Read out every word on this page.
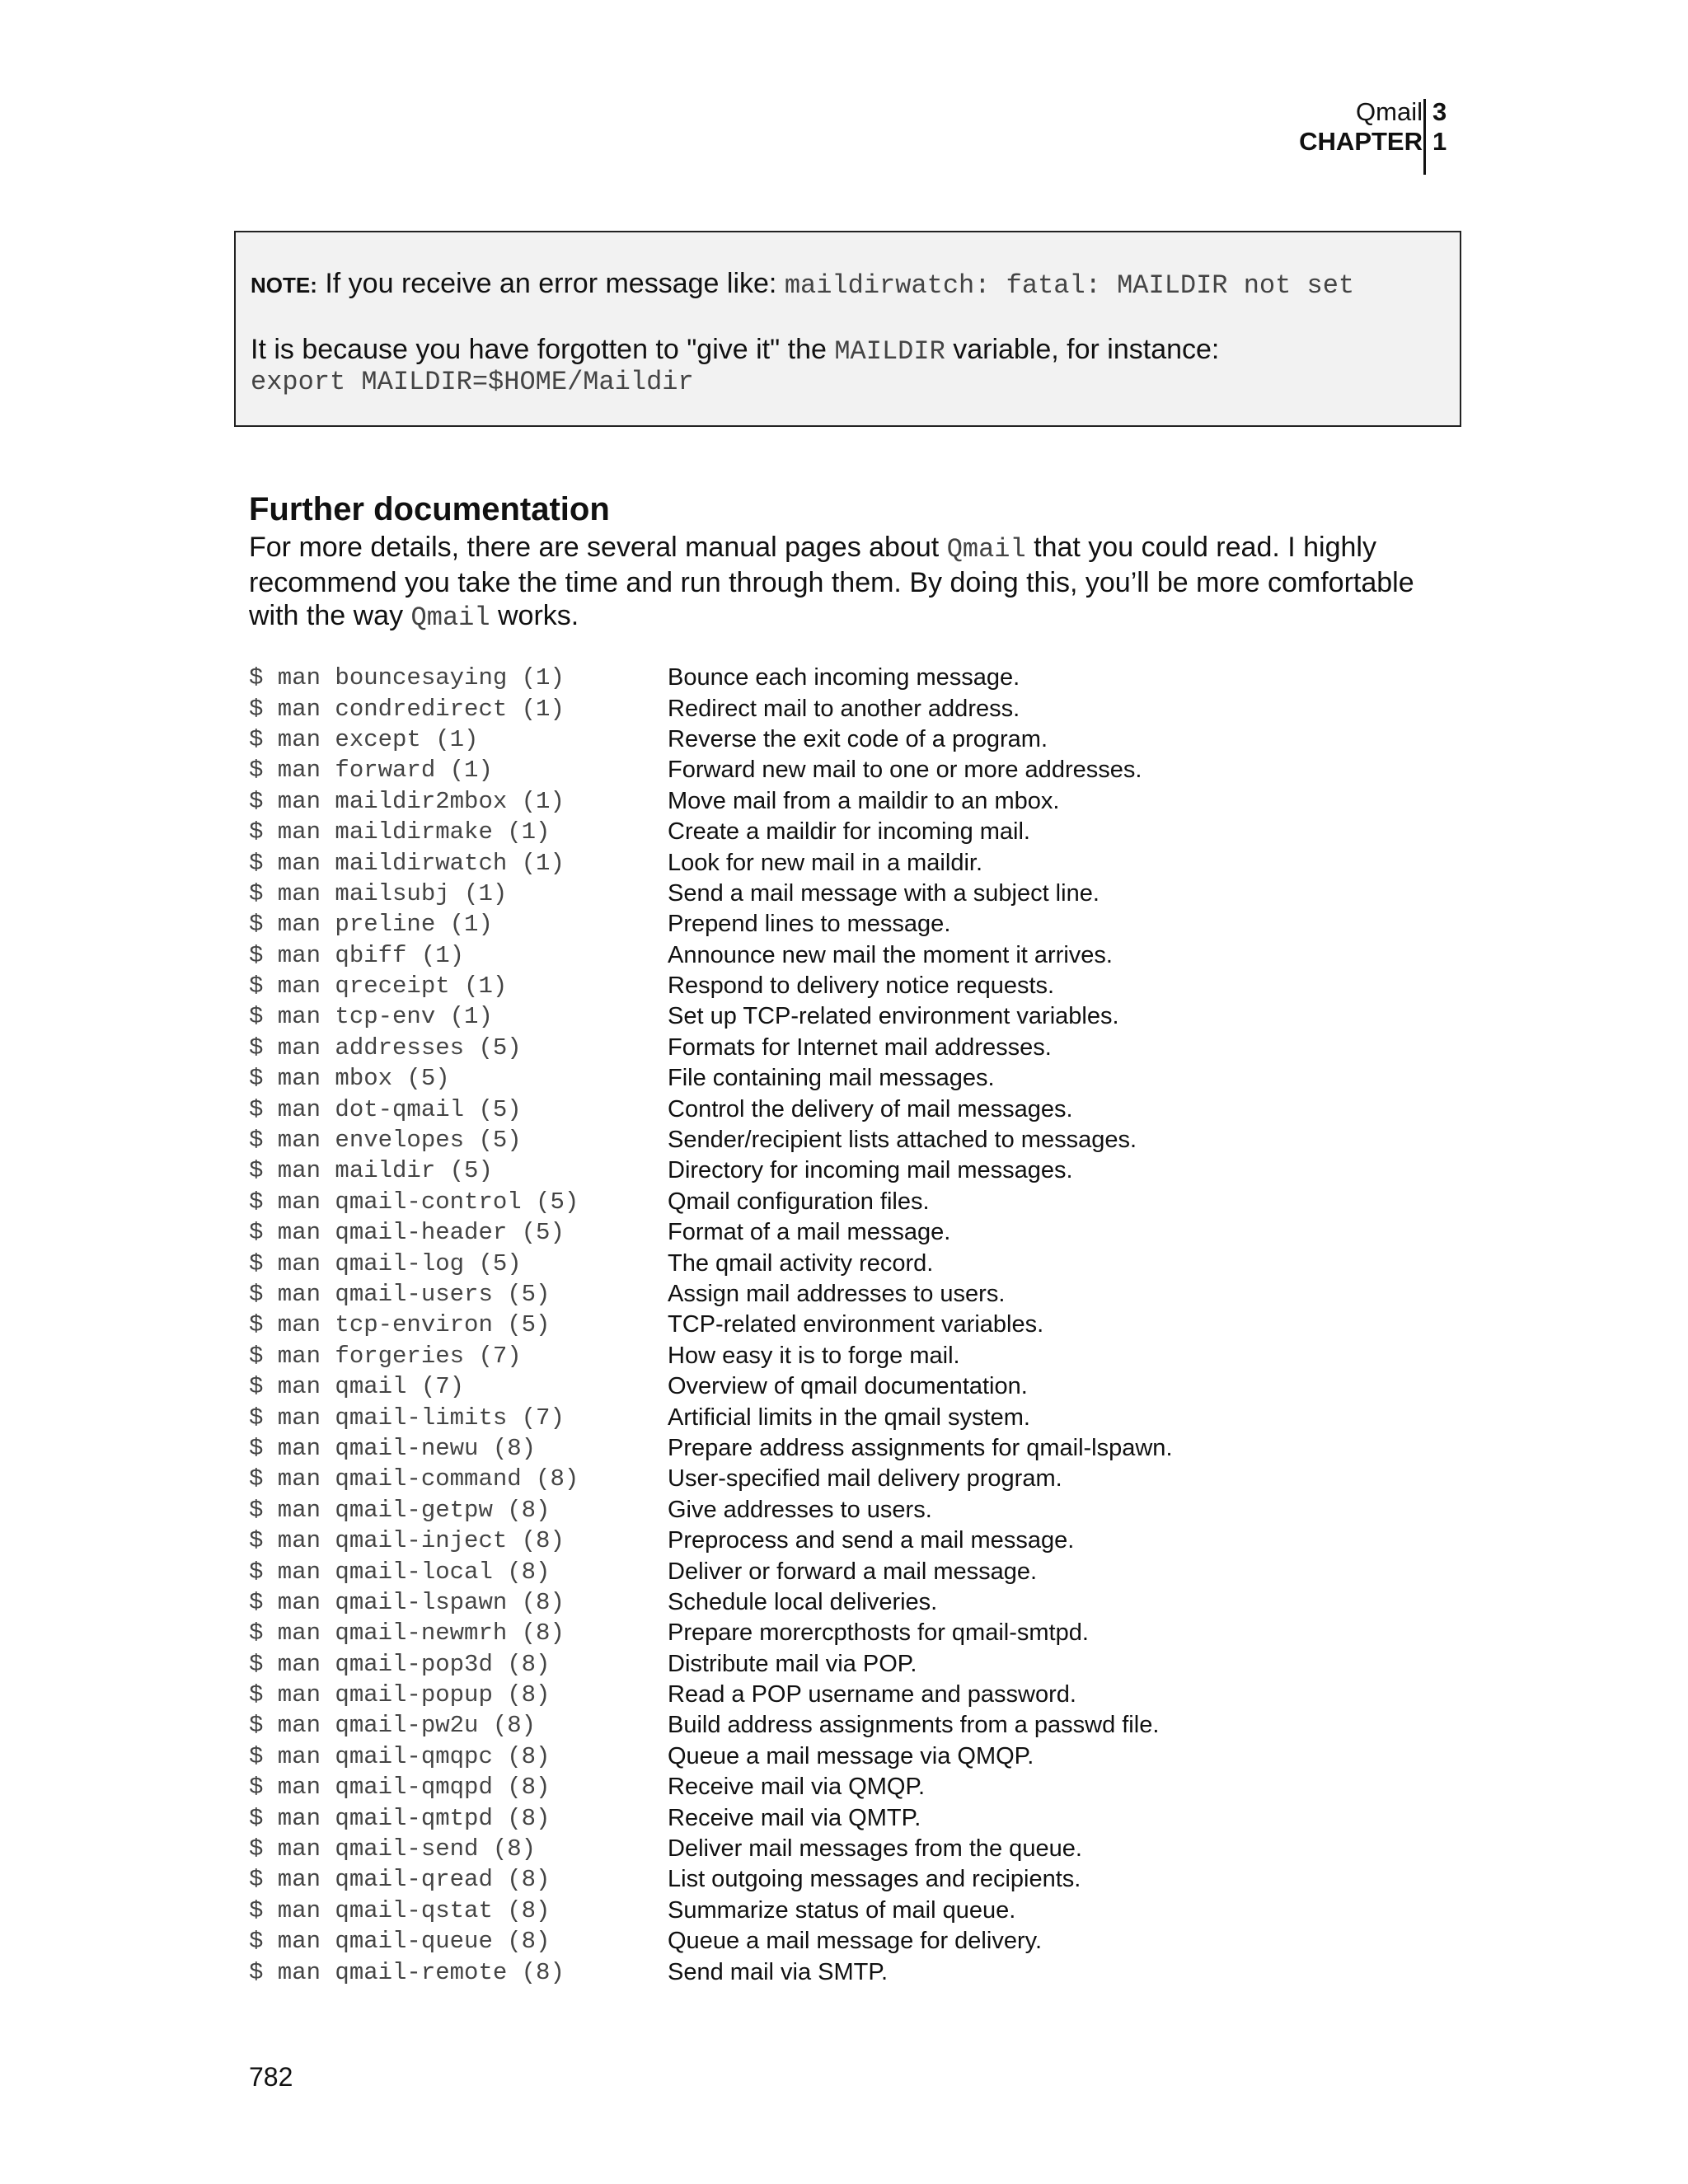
Qmail
CHAPTER
3
1
NOTE: If you receive an error message like: maildirwatch: fatal: MAILDIR not set
It is because you have forgotten to "give it" the MAILDIR variable, for instance:
export MAILDIR=$HOME/Maildir
Further documentation
For more details, there are several manual pages about Qmail that you could read. I highly recommend you take the time and run through them. By doing this, you’ll be more comfortable with the way Qmail works.
$ man bouncesaying (1)	Bounce each incoming message.
$ man condredirect (1)	Redirect mail to another address.
$ man except (1)	Reverse the exit code of a program.
$ man forward (1)	Forward new mail to one or more addresses.
$ man maildir2mbox (1)	Move mail from a maildir to an mbox.
$ man maildirmake (1)	Create a maildir for incoming mail.
$ man maildirwatch (1)	Look for new mail in a maildir.
$ man mailsubj (1)	Send a mail message with a subject line.
$ man preline (1)	Prepend lines to message.
$ man qbiff (1)	Announce new mail the moment it arrives.
$ man qreceipt (1)	Respond to delivery notice requests.
$ man tcp-env (1)	Set up TCP-related environment variables.
$ man addresses (5)	Formats for Internet mail addresses.
$ man mbox (5)	File containing mail messages.
$ man dot-qmail (5)	Control the delivery of mail messages.
$ man envelopes (5)	Sender/recipient lists attached to messages.
$ man maildir (5)	Directory for incoming mail messages.
$ man qmail-control (5)	Qmail configuration files.
$ man qmail-header (5)	Format of a mail message.
$ man qmail-log (5)	The qmail activity record.
$ man qmail-users (5)	Assign mail addresses to users.
$ man tcp-environ (5)	TCP-related environment variables.
$ man forgeries (7)	How easy it is to forge mail.
$ man qmail (7)	Overview of qmail documentation.
$ man qmail-limits (7)	Artificial limits in the qmail system.
$ man qmail-newu (8)	Prepare address assignments for qmail-lspawn.
$ man qmail-command (8)	User-specified mail delivery program.
$ man qmail-getpw (8)	Give addresses to users.
$ man qmail-inject (8)	Preprocess and send a mail message.
$ man qmail-local (8)	Deliver or forward a mail message.
$ man qmail-lspawn (8)	Schedule local deliveries.
$ man qmail-newmrh (8)	Prepare morercpthosts for qmail-smtpd.
$ man qmail-pop3d (8)	Distribute mail via POP.
$ man qmail-popup (8)	Read a POP username and password.
$ man qmail-pw2u (8)	Build address assignments from a passwd file.
$ man qmail-qmqpc (8)	Queue a mail message via QMQP.
$ man qmail-qmqpd (8)	Receive mail via QMQP.
$ man qmail-qmtpd (8)	Receive mail via QMTP.
$ man qmail-send (8)	Deliver mail messages from the queue.
$ man qmail-qread (8)	List outgoing messages and recipients.
$ man qmail-qstat (8)	Summarize status of mail queue.
$ man qmail-queue (8)	Queue a mail message for delivery.
$ man qmail-remote (8)	Send mail via SMTP.
782
